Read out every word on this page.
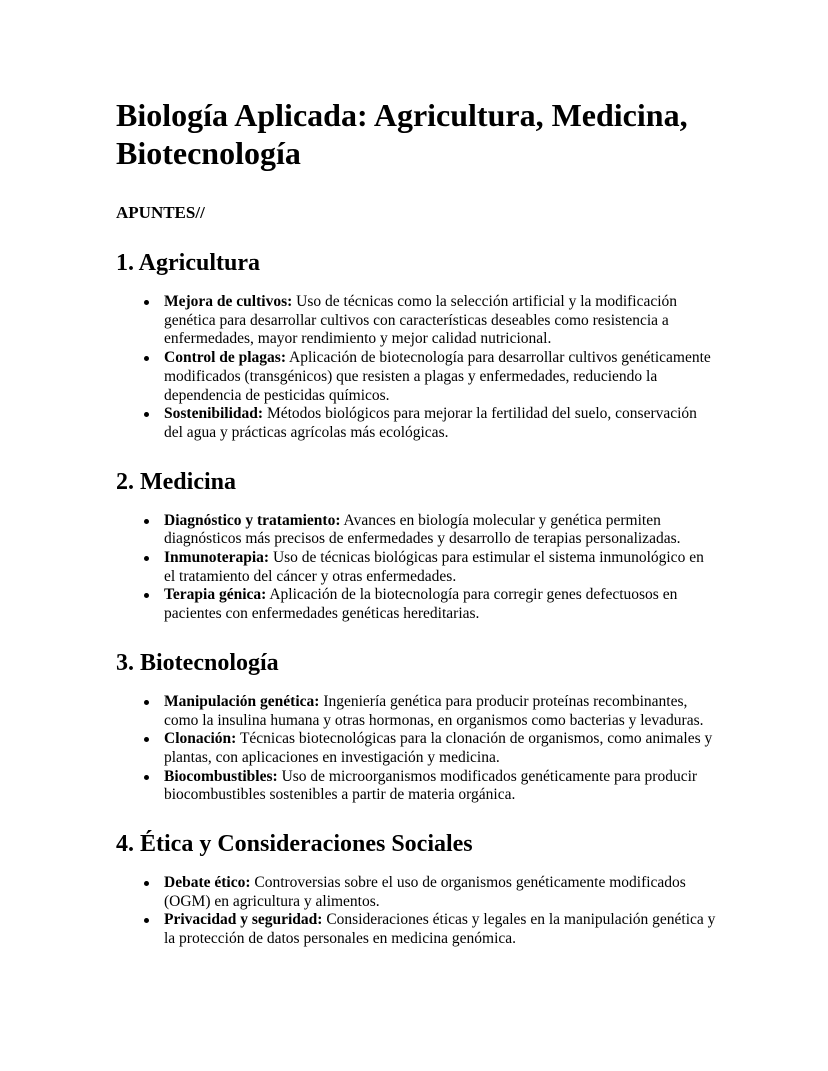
Biología Aplicada: Agricultura, Medicina, Biotecnología

APUNTES//

1. Agricultura
Mejora de cultivos: Uso de técnicas como la selección artificial y la modificación genética para desarrollar cultivos con características deseables como resistencia a enfermedades, mayor rendimiento y mejor calidad nutricional.
Control de plagas: Aplicación de biotecnología para desarrollar cultivos genéticamente modificados (transgénicos) que resisten a plagas y enfermedades, reduciendo la dependencia de pesticidas químicos.
Sostenibilidad: Métodos biológicos para mejorar la fertilidad del suelo, conservación del agua y prácticas agrícolas más ecológicas.
2. Medicina
Diagnóstico y tratamiento: Avances en biología molecular y genética permiten diagnósticos más precisos de enfermedades y desarrollo de terapias personalizadas.
Inmunoterapia: Uso de técnicas biológicas para estimular el sistema inmunológico en el tratamiento del cáncer y otras enfermedades.
Terapia génica: Aplicación de la biotecnología para corregir genes defectuosos en pacientes con enfermedades genéticas hereditarias.
3. Biotecnología
Manipulación genética: Ingeniería genética para producir proteínas recombinantes, como la insulina humana y otras hormonas, en organismos como bacterias y levaduras.
Clonación: Técnicas biotecnológicas para la clonación de organismos, como animales y plantas, con aplicaciones en investigación y medicina.
Biocombustibles: Uso de microorganismos modificados genéticamente para producir biocombustibles sostenibles a partir de materia orgánica.
4. Ética y Consideraciones Sociales
Debate ético: Controversias sobre el uso de organismos genéticamente modificados (OGM) en agricultura y alimentos.
Privacidad y seguridad: Consideraciones éticas y legales en la manipulación genética y la protección de datos personales en medicina genómica.
